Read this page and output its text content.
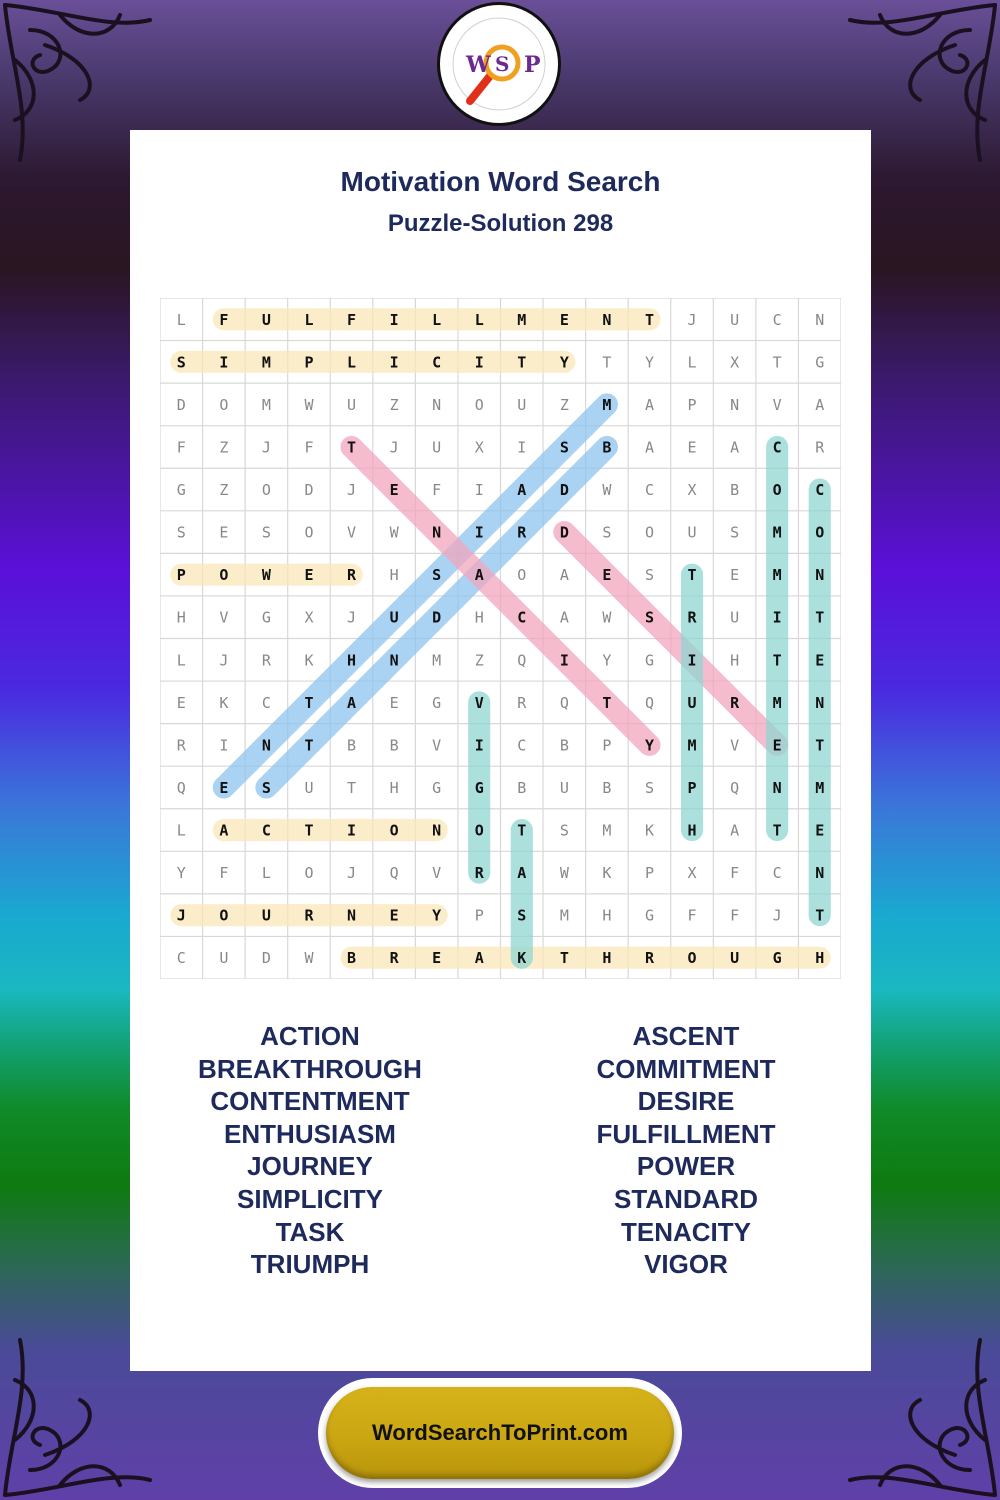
W S P
Motivation Word Search
Puzzle-Solution 298
L F U L F I L L M E N T J U C N
S I M P L I C I T Y T Y L X T G
D O M W U Z N O U Z M A P N V A
F Z J F T J U X I S B A E A C R
G Z O D J E F I A D W C X B O C
S E S O V W N I R D S O U S M O
P O W E R H S A O A E S T E M N
H V G X J U D H C A W S R U I T
L J R K H N M Z Q I Y G I H T E
E K C T A E G V R Q T Q U R M N
R I N T B B V I C B P Y M V E T
Q E S U T H G G B U B S P Q N M
L A C T I O N O T S M K H A T E
Y F L O J Q V R A W K P X F C N
J O U R N E Y P S M H G F F J T
C U D W B R E A K T H R O U G H
ACTION
BREAKTHROUGH
CONTENTMENT
ENTHUSIASM
JOURNEY
SIMPLICITY
TASK
TRIUMPH
ASCENT
COMMITMENT
DESIRE
FULFILLMENT
POWER
STANDARD
TENACITY
VIGOR
WordSearchToPrint.com
